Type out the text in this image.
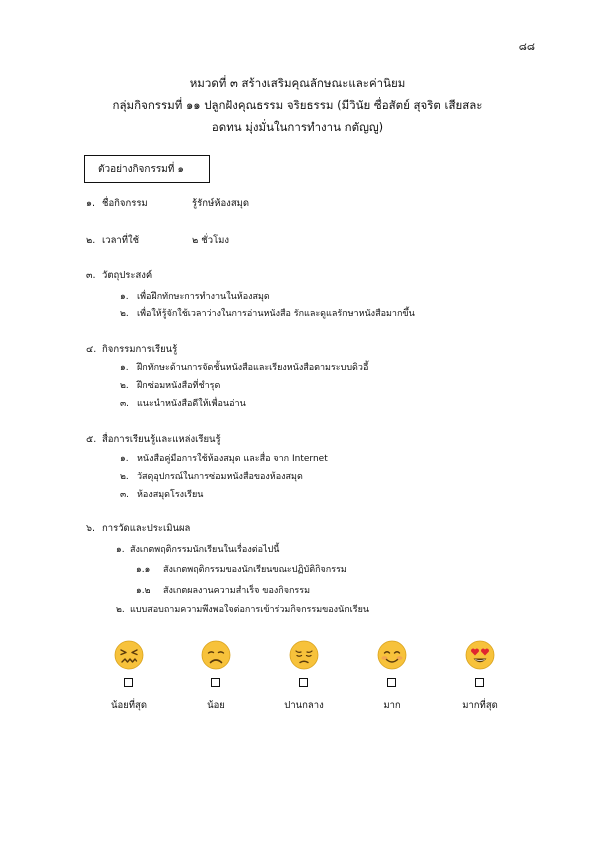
๘๘
หมวดที่ ๓ สร้างเสริมคุณลักษณะและค่านิยม
กลุ่มกิจกรรมที่ ๑๑ ปลูกฝังคุณธรรม จริยธรรม (มีวินัย ซื่อสัตย์ สุจริต เสียสละ
อดทน มุ่งมั่นในการทำงาน กตัญญู)
ตัวอย่างกิจกรรมที่ ๑
๑. ชื่อกิจกรรม	รู้รักษ์ห้องสมุด
๒. เวลาที่ใช้	๒ ชั่วโมง
๓. วัตถุประสงค์
๑. เพื่อฝึกทักษะการทำงานในห้องสมุด
๒. เพื่อให้รู้จักใช้เวลาว่างในการอ่านหนังสือ รักและดูแลรักษาหนังสือมากขึ้น
๔. กิจกรรมการเรียนรู้
๑. ฝึกทักษะด้านการจัดชั้นหนังสือและเรียงหนังสือตามระบบดิวอี้
๒. ฝึกซ่อมหนังสือที่ชำรุด
๓. แนะนำหนังสือดีให้เพื่อนอ่าน
๕. สื่อการเรียนรู้และแหล่งเรียนรู้
๑. หนังสือคู่มือการใช้ห้องสมุด และสื่อ จาก Internet
๒. วัสดุอุปกรณ์ในการซ่อมหนังสือของห้องสมุด
๓. ห้องสมุดโรงเรียน
๖. การวัดและประเมินผล
๑. สังเกตพฤติกรรมนักเรียนในเรื่องต่อไปนี้
๑.๑ สังเกตพฤติกรรมของนักเรียนขณะปฏิบัติกิจกรรม
๑.๒ สังเกตผลงานความสำเร็จ ของกิจกรรม
๒. แบบสอบถามความพึงพอใจต่อการเข้าร่วมกิจกรรมของนักเรียน
น้อยที่สุด	น้อย	ปานกลาง	มาก	มากที่สุด
